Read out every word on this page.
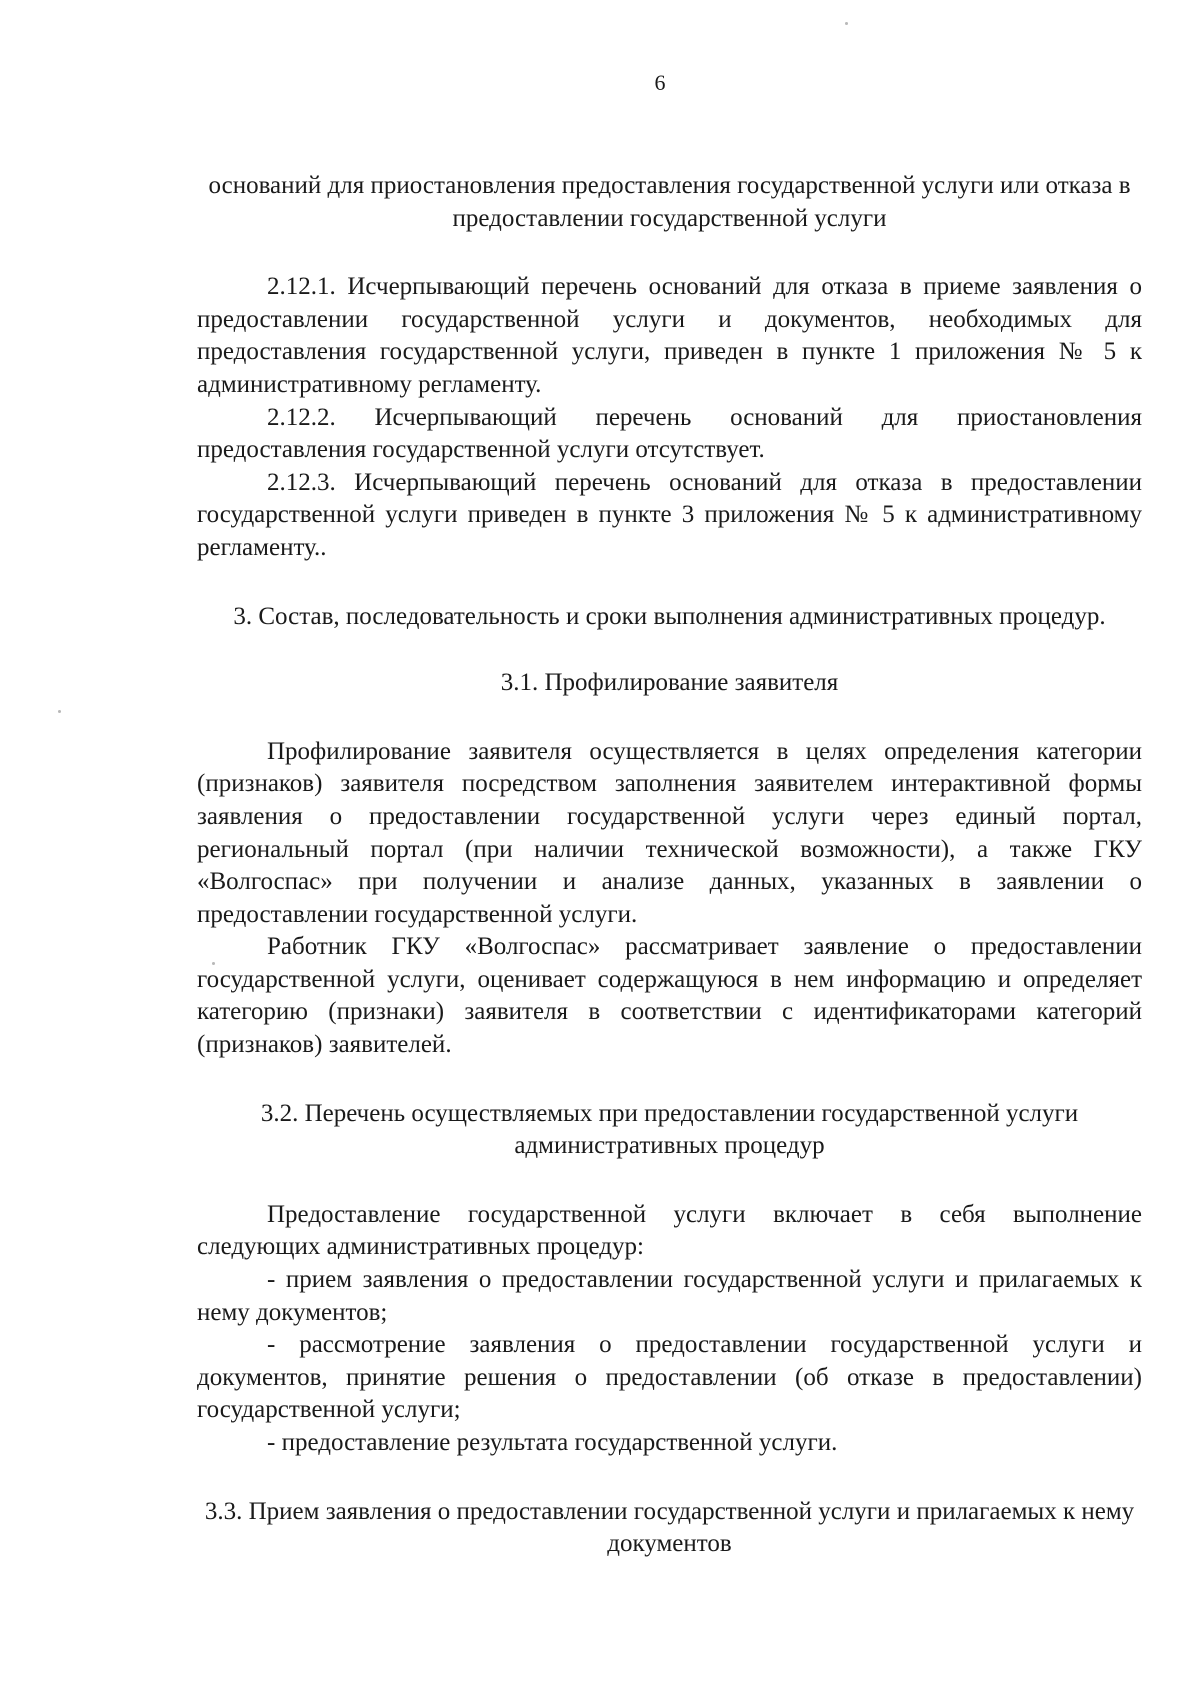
6

оснований для приостановления предоставления государственной услуги или отказа в предоставлении государственной услуги

2.12.1. Исчерпывающий перечень оснований для отказа в приеме заявления о предоставлении государственной услуги и документов, необходимых для предоставления государственной услуги, приведен в пункте 1 приложения № 5 к административному регламенту.

2.12.2. Исчерпывающий перечень оснований для приостановления предоставления государственной услуги отсутствует.

2.12.3. Исчерпывающий перечень оснований для отказа в предоставлении государственной услуги приведен в пункте 3 приложения № 5 к административному регламенту..

3. Состав, последовательность и сроки выполнения административных процедур.

3.1. Профилирование заявителя

Профилирование заявителя осуществляется в целях определения категории (признаков) заявителя посредством заполнения заявителем интерактивной формы заявления о предоставлении государственной услуги через единый портал, региональный портал (при наличии технической возможности), а также ГКУ «Волгоспас» при получении и анализе данных, указанных в заявлении о предоставлении государственной услуги.

Работник ГКУ «Волгоспас» рассматривает заявление о предоставлении государственной услуги, оценивает содержащуюся в нем информацию и определяет категорию (признаки) заявителя в соответствии с идентификаторами категорий (признаков) заявителей.

3.2. Перечень осуществляемых при предоставлении государственной услуги административных процедур

Предоставление государственной услуги включает в себя выполнение следующих административных процедур:

- прием заявления о предоставлении государственной услуги и прилагаемых к нему документов;

- рассмотрение заявления о предоставлении государственной услуги и документов, принятие решения о предоставлении (об отказе в предоставлении) государственной услуги;

- предоставление результата государственной услуги.

3.3. Прием заявления о предоставлении государственной услуги и прилагаемых к нему документов
